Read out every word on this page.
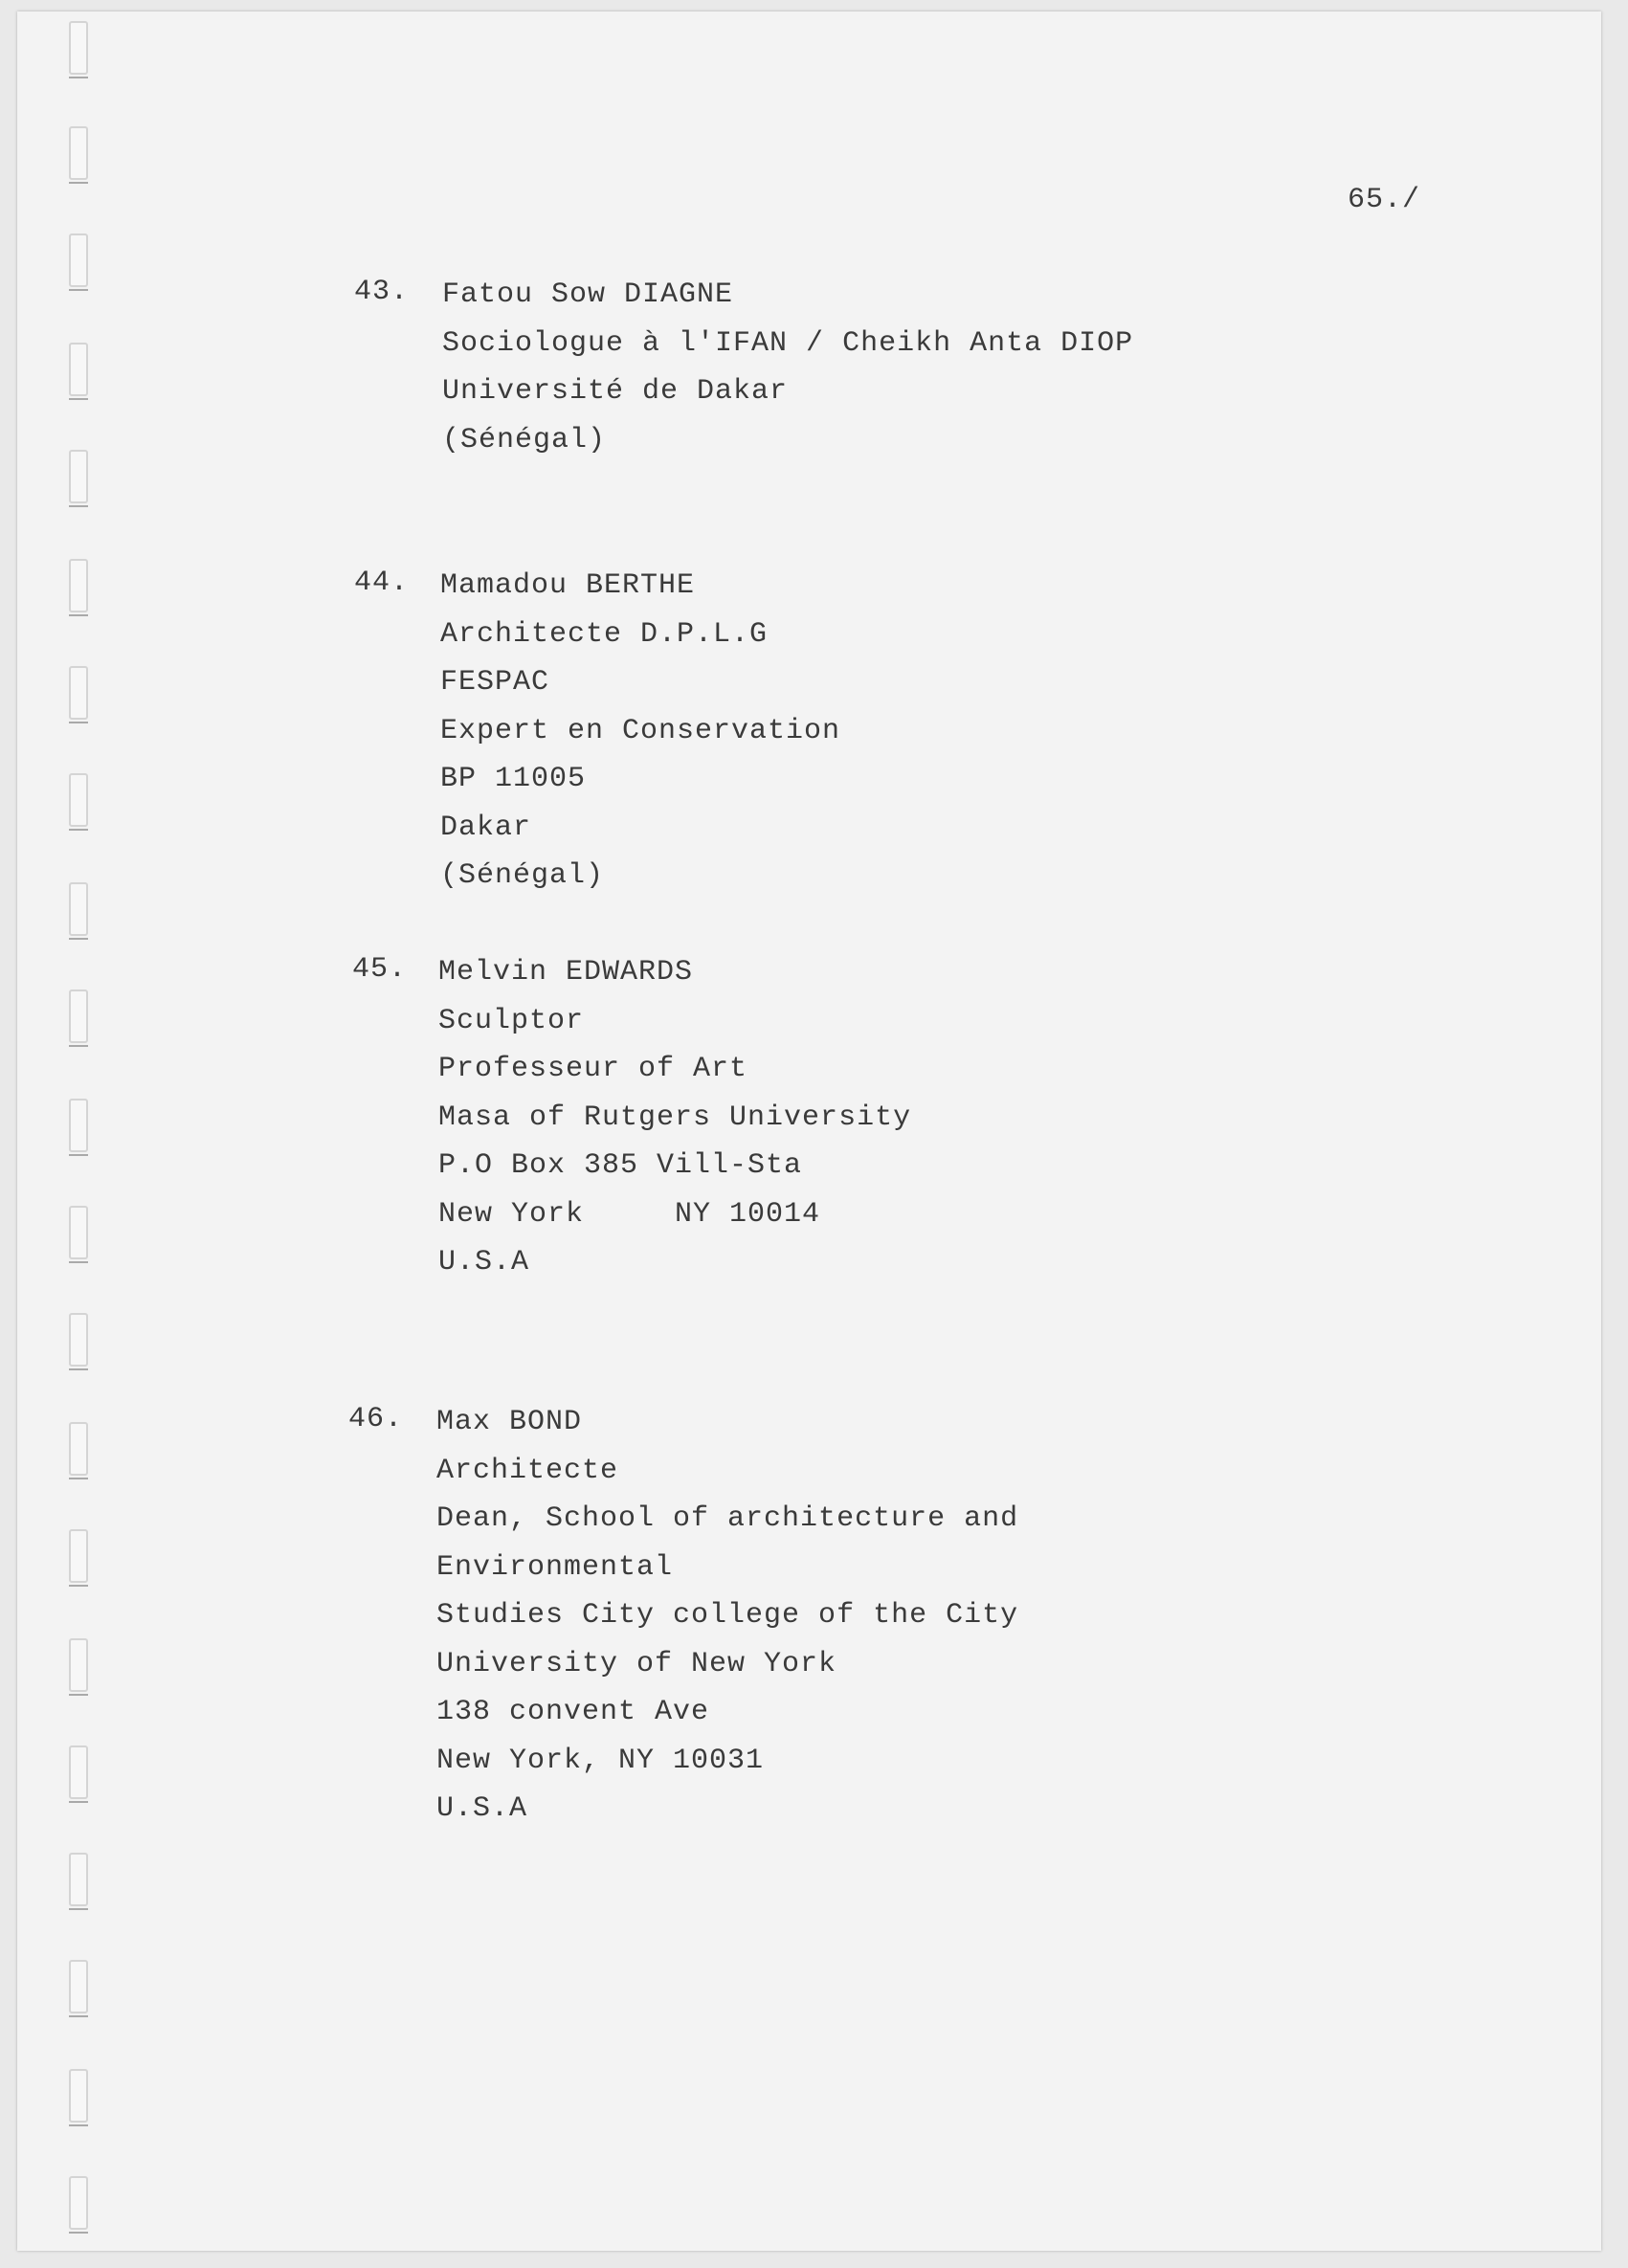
65./
43. Fatou Sow DIAGNE
Sociologue à l'IFAN / Cheikh Anta DIOP
Université de Dakar
(Sénégal)
44. Mamadou BERTHE
Architecte D.P.L.G
FESPAC
Expert en Conservation
BP 11005
Dakar
(Sénégal)
45. Melvin EDWARDS
Sculptor
Professeur of Art
Masa of Rutgers University
P.O Box 385 Vill-Sta
New York     NY 10014
U.S.A
46. Max BOND
Architecte
Dean, School of architecture and
Environmental
Studies City college of the City
University of New York
138 convent Ave
New York, NY 10031
U.S.A
